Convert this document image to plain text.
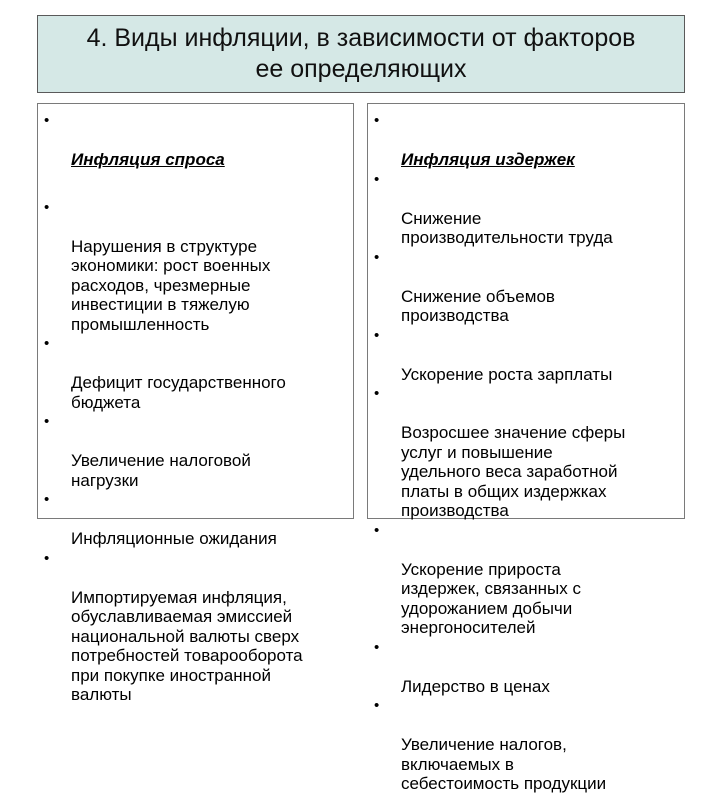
4. Виды инфляции, в зависимости от факторов
ее определяющих

•

Инфляция спроса

•

Нарушения в структуре
экономики: рост военных
расходов, чрезмерные
инвестиции в тяжелую
промышленность

•

Дефицит государственного
бюджета

•

Увеличение налоговой
нагрузки

•

Инфляционные ожидания

•

Импортируемая инфляция,
обуславливаемая эмиссией
национальной валюты сверх
потребностей товарооборота
при покупке иностранной
валюты

•

Инфляция издержек

•

Снижение
производительности труда

•

Снижение объемов
производства

•

Ускорение роста зарплаты

•

Возросшее значение сферы
услуг и повышение
удельного веса заработной
платы в общих издержках
производства

•

Ускорение прироста
издержек, связанных с
удорожанием добычи
энергоносителей

•

Лидерство в ценах

•

Увеличение налогов,
включаемых в
себестоимость продукции
